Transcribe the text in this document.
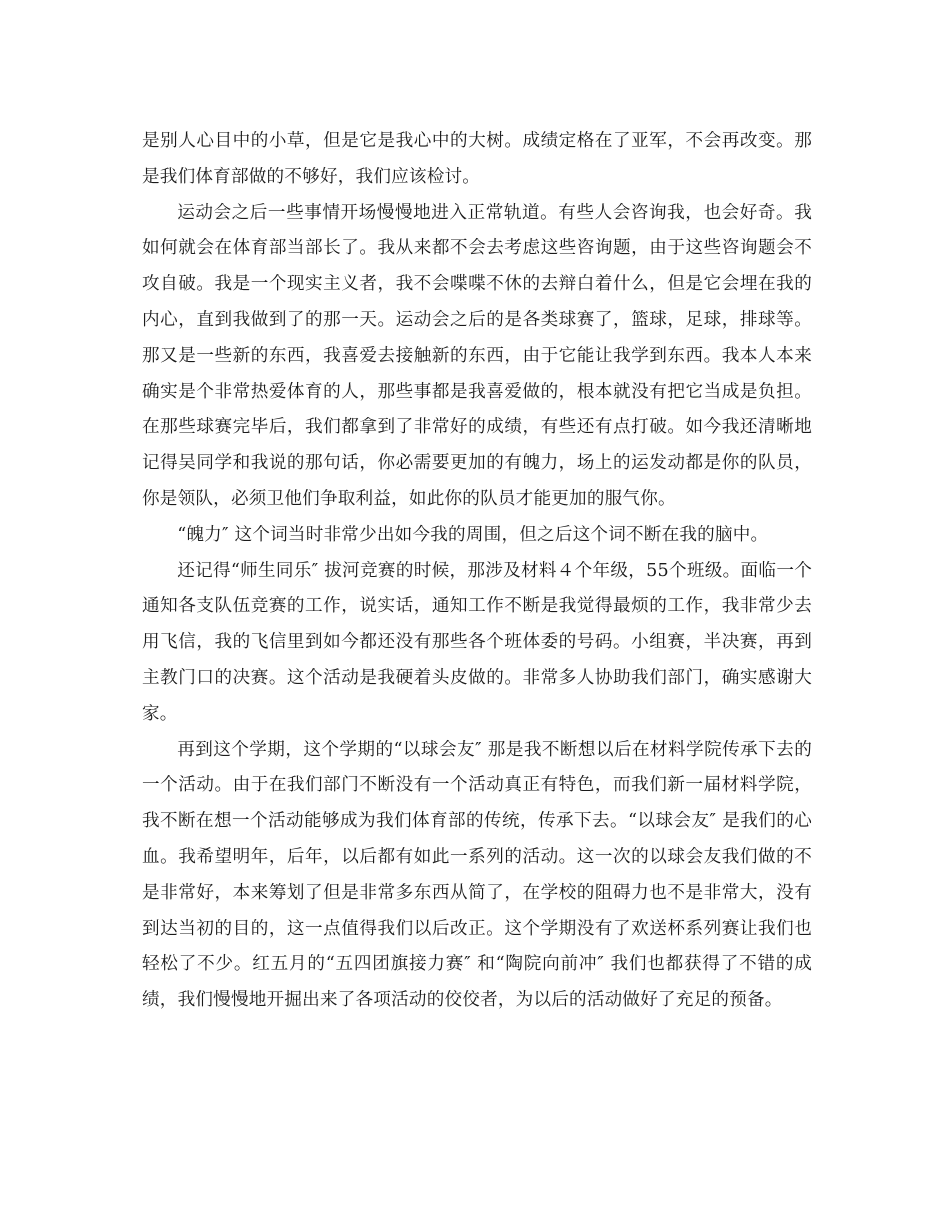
是别人心目中的小草，但是它是我心中的大树。成绩定格在了亚军，不会再改变。那是我们体育部做的不够好，我们应该检讨。

运动会之后一些事情开场慢慢地进入正常轨道。有些人会咨询我，也会好奇。我如何就会在体育部当部长了。我从来都不会去考虑这些咨询题，由于这些咨询题会不攻自破。我是一个现实主义者，我不会喋喋不休的去辩白着什么，但是它会埋在我的内心，直到我做到了的那一天。运动会之后的是各类球赛了，篮球，足球，排球等。那又是一些新的东西，我喜爱去接触新的东西，由于它能让我学到东西。我本人本来确实是个非常热爱体育的人，那些事都是我喜爱做的，根本就没有把它当成是负担。在那些球赛完毕后，我们都拿到了非常好的成绩，有些还有点打破。如今我还清晰地记得吴同学和我说的那句话，你必需要更加的有魄力，场上的运发动都是你的队员，你是领队，必须卫他们争取利益，如此你的队员才能更加的服气你。

“魄力″ 这个词当时非常少出如今我的周围，但之后这个词不断在我的脑中。

还记得“师生同乐″ 拔河竞赛的时候，那涉及材料４个年级，55个班级。面临一个通知各支队伍竞赛的工作，说实话，通知工作不断是我觉得最烦的工作，我非常少去用飞信，我的飞信里到如今都还没有那些各个班体委的号码。小组赛，半决赛，再到主教门口的决赛。这个活动是我硬着头皮做的。非常多人协助我们部门，确实感谢大家。

再到这个学期，这个学期的“以球会友″ 那是我不断想以后在材料学院传承下去的一个活动。由于在我们部门不断没有一个活动真正有特色，而我们新一届材料学院，我不断在想一个活动能够成为我们体育部的传统，传承下去。“以球会友″ 是我们的心血。我希望明年，后年，以后都有如此一系列的活动。这一次的以球会友我们做的不是非常好，本来筹划了但是非常多东西从简了，在学校的阻碍力也不是非常大，没有到达当初的目的，这一点值得我们以后改正。这个学期没有了欢送杯系列赛让我们也轻松了不少。红五月的“五四团旗接力赛″ 和“陶院向前冲″ 我们也都获得了不错的成绩，我们慢慢地开掘出来了各项活动的佼佼者，为以后的活动做好了充足的预备。
